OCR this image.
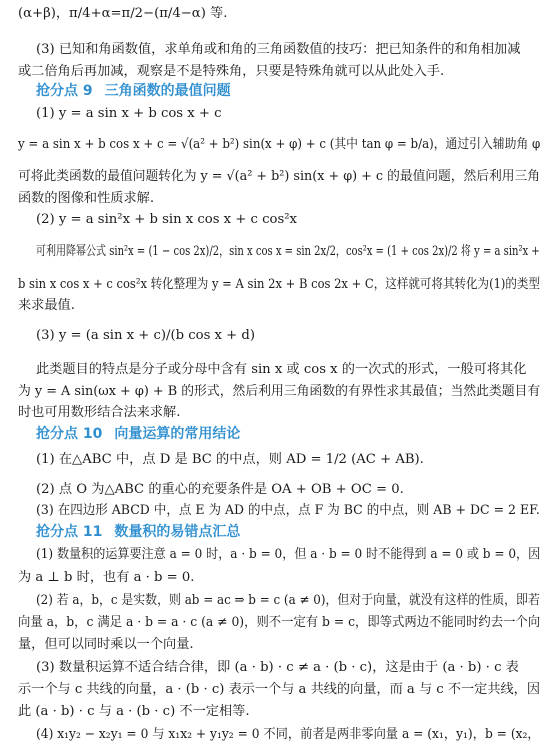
(α+β)，π/4+α=π/2−(π/4−α) 等.
(3) 已知和角函数值，求单角或和角的三角函数值的技巧：把已知条件的和角相加减
或二倍角后再加减，观察是不是特殊角，只要是特殊角就可以从此处入手.
抢分点 9 三角函数的最值问题
(1) y = a sin x + b cos x + c
y = a sin x + b cos x + c = √(a² + b²) sin(x + φ) + c (其中 tan φ = b/a)，通过引入辅助角 φ
可将此类函数的最值问题转化为 y = √(a² + b²) sin(x + φ) + c 的最值问题，然后利用三角
函数的图像和性质求解.
(2) y = a sin²x + b sin x cos x + c cos²x
可利用降幂公式 sin²x = (1 − cos 2x)/2，sin x cos x = sin 2x/2，cos²x = (1 + cos 2x)/2 将 y = a sin²x +
b sin x cos x + c cos²x 转化整理为 y = A sin 2x + B cos 2x + C，这样就可将其转化为(1)的类型
来求最值.
(3) y = (a sin x + c)/(b cos x + d)
此类题目的特点是分子或分母中含有 sin x 或 cos x 的一次式的形式，一般可将其化
为 y = A sin(ωx + φ) + B 的形式，然后利用三角函数的有界性求其最值；当然此类题目有
时也可用数形结合法来求解.
抢分点 10 向量运算的常用结论
(1) 在△ABC 中，点 D 是 BC 的中点，则 AD = 1/2 (AC + AB).
(2) 点 O 为△ABC 的重心的充要条件是 OA + OB + OC = 0.
(3) 在四边形 ABCD 中，点 E 为 AD 的中点，点 F 为 BC 的中点，则 AB + DC = 2 EF.
抢分点 11 数量积的易错点汇总
(1) 数量积的运算要注意 a = 0 时，a · b = 0，但 a · b = 0 时不能得到 a = 0 或 b = 0，因
为 a ⊥ b 时，也有 a · b = 0.
(2) 若 a，b，c 是实数，则 ab = ac ⇒ b = c (a ≠ 0)，但对于向量，就没有这样的性质，即若
向量 a，b，c 满足 a · b = a · c (a ≠ 0)，则不一定有 b = c，即等式两边不能同时约去一个向
量，但可以同时乘以一个向量.
(3) 数量积运算不适合结合律，即 (a · b) · c ≠ a · (b · c)，这是由于 (a · b) · c 表
示一个与 c 共线的向量，a · (b · c) 表示一个与 a 共线的向量，而 a 与 c 不一定共线，因
此 (a · b) · c 与 a · (b · c) 不一定相等.
(4) x₁y₂ − x₂y₁ = 0 与 x₁x₂ + y₁y₂ = 0 不同，前者是两非零向量 a = (x₁，y₁)，b = (x₂，
